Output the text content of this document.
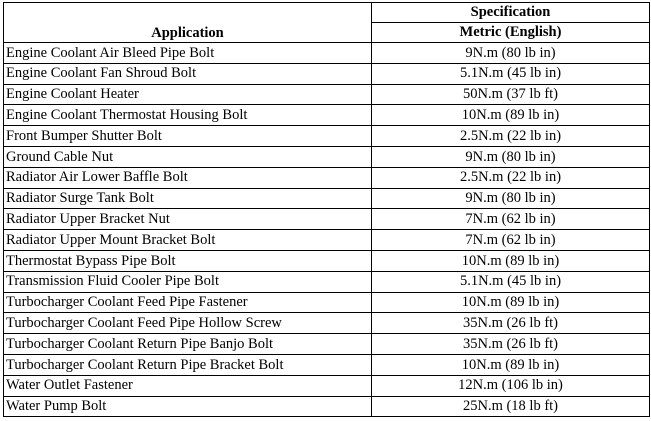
Application	Specification
	Metric (English)
Engine Coolant Air Bleed Pipe Bolt	9N.m (80 lb in)
Engine Coolant Fan Shroud Bolt	5.1N.m (45 lb in)
Engine Coolant Heater	50N.m (37 lb ft)
Engine Coolant Thermostat Housing Bolt	10N.m (89 lb in)
Front Bumper Shutter Bolt	2.5N.m (22 lb in)
Ground Cable Nut	9N.m (80 lb in)
Radiator Air Lower Baffle Bolt	2.5N.m (22 lb in)
Radiator Surge Tank Bolt	9N.m (80 lb in)
Radiator Upper Bracket Nut	7N.m (62 lb in)
Radiator Upper Mount Bracket Bolt	7N.m (62 lb in)
Thermostat Bypass Pipe Bolt	10N.m (89 lb in)
Transmission Fluid Cooler Pipe Bolt	5.1N.m (45 lb in)
Turbocharger Coolant Feed Pipe Fastener	10N.m (89 lb in)
Turbocharger Coolant Feed Pipe Hollow Screw	35N.m (26 lb ft)
Turbocharger Coolant Return Pipe Banjo Bolt	35N.m (26 lb ft)
Turbocharger Coolant Return Pipe Bracket Bolt	10N.m (89 lb in)
Water Outlet Fastener	12N.m (106 lb in)
Water Pump Bolt	25N.m (18 lb ft)
